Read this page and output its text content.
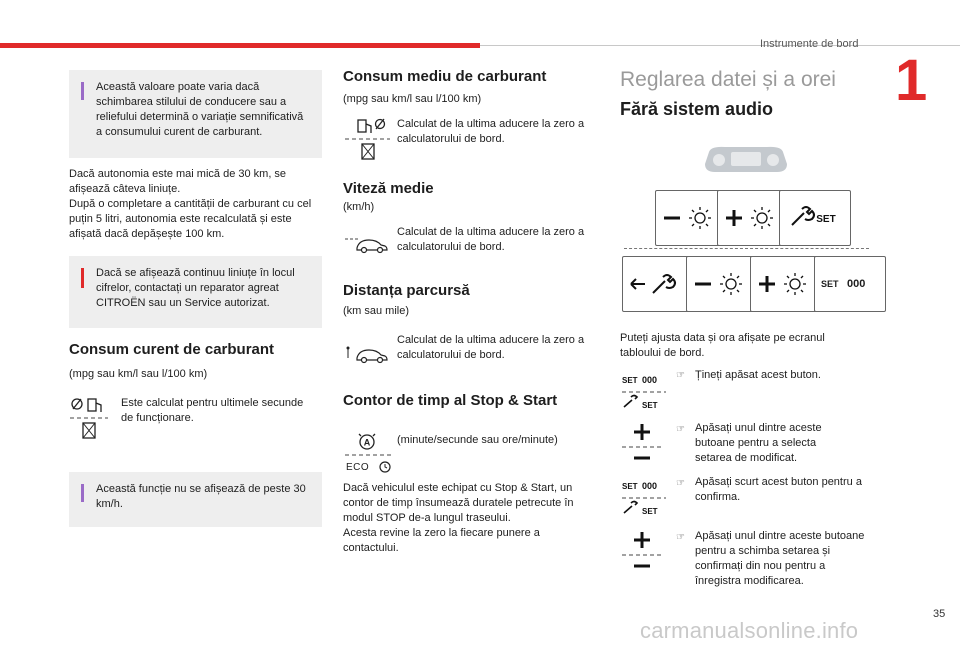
Instrumente de bord
1
35
carmanualsonline.info

Această valoare poate varia dacă schimbarea stilului de conducere sau a reliefului determină o variație semnificativă a consumului curent de carburant.

Dacă autonomia este mai mică de 30 km, se afișează câteva liniuțe.

După o completare a cantității de carburant cu cel puțin 5 litri, autonomia este recalculată și este afișată dacă depășește 100 km.

Dacă se afișează continuu liniuțe în locul cifrelor, contactați un reparator agreat CITROËN sau un Service autorizat.

Consum curent de carburant

(mpg sau km/l sau l/100 km)

Este calculat pentru ultimele secunde de funcționare.

Această funcție nu se afișează de peste 30 km/h.

Consum mediu de carburant

(mpg sau km/l sau l/100 km)

Calculat de la ultima aducere la zero a calculatorului de bord.

Viteză medie

(km/h)

Calculat de la ultima aducere la zero a calculatorului de bord.

Distanța parcursă

(km sau mile)

Calculat de la ultima aducere la zero a calculatorului de bord.

Contor de timp al Stop & Start
A
ECO

(minute/secunde sau ore/minute)

Dacă vehiculul este echipat cu Stop & Start, un contor de timp însumează duratele petrecute în modul STOP de-a lungul traseului.

Acesta revine la zero la fiecare punere a contactului.

Reglarea datei și a orei
Fără sistem audio
SET
SET 000

Puteți ajusta data și ora afișate pe ecranul tabloului de bord.

SET 000
SET
☞ Țineți apăsat acest buton.

☞ Apăsați unul dintre aceste butoane pentru a selecta setarea de modificat.

SET 000
SET
☞ Apăsați scurt acest buton pentru a confirma.

☞ Apăsați unul dintre aceste butoane pentru a schimba setarea și confirmați din nou pentru a înregistra modificarea.
